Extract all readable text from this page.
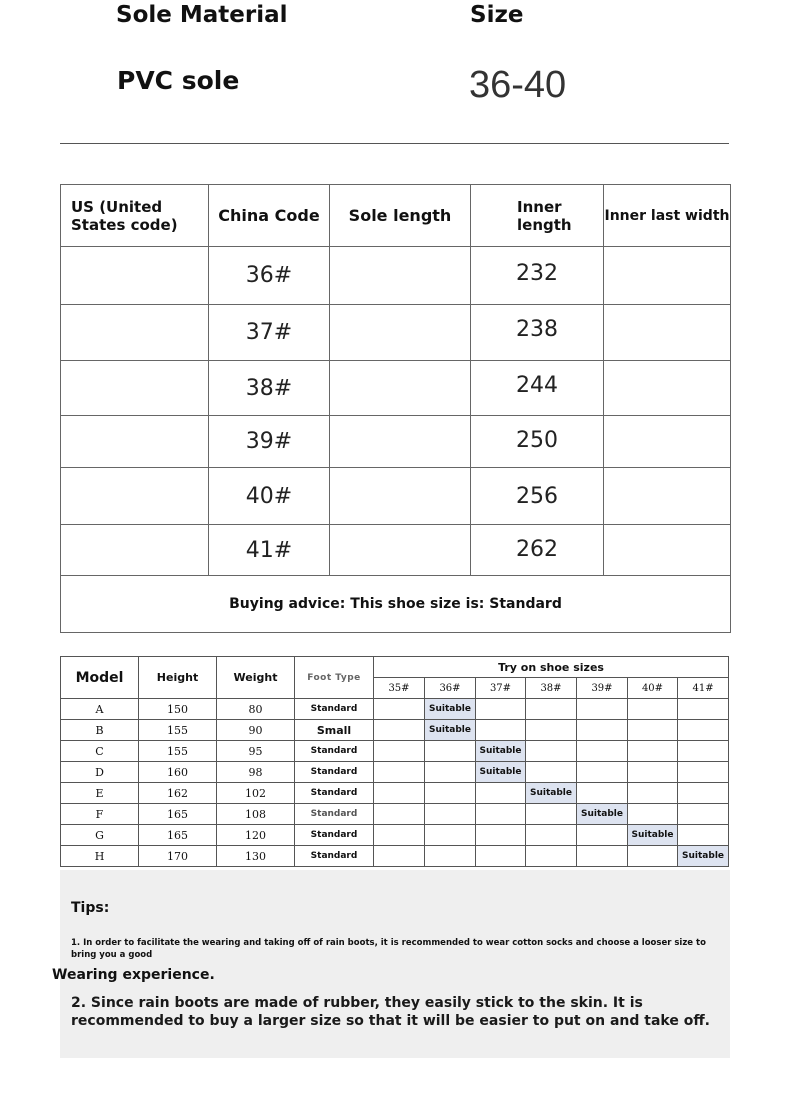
Sole Material	Size
PVC sole	36-40
US (United States code)	China Code	Sole length	Inner length	Inner last width
	36#		232	
	37#		238	
	38#		244	
	39#		250	
	40#		256	
	41#		262	
Buying advice: This shoe size is: Standard				
Model	Height	Weight	Foot Type	Try on shoe sizes						
				35#	36#	37#	38#	39#	40#	41#
A	150	80	Standard		Suitable					
B	155	90	Small		Suitable					
C	155	95	Standard			Suitable				
D	160	98	Standard			Suitable				
E	162	102	Standard				Suitable			
F	165	108	Standard					Suitable		
G	165	120	Standard						Suitable	
H	170	130	Standard							Suitable
Tips:
1. In order to facilitate the wearing and taking off of rain boots, it is recommended to wear cotton socks and choose a looser size to bring you a good
Wearing experience.
2. Since rain boots are made of rubber, they easily stick to the skin. It is recommended to buy a larger size so that it will be easier to put on and take off.
